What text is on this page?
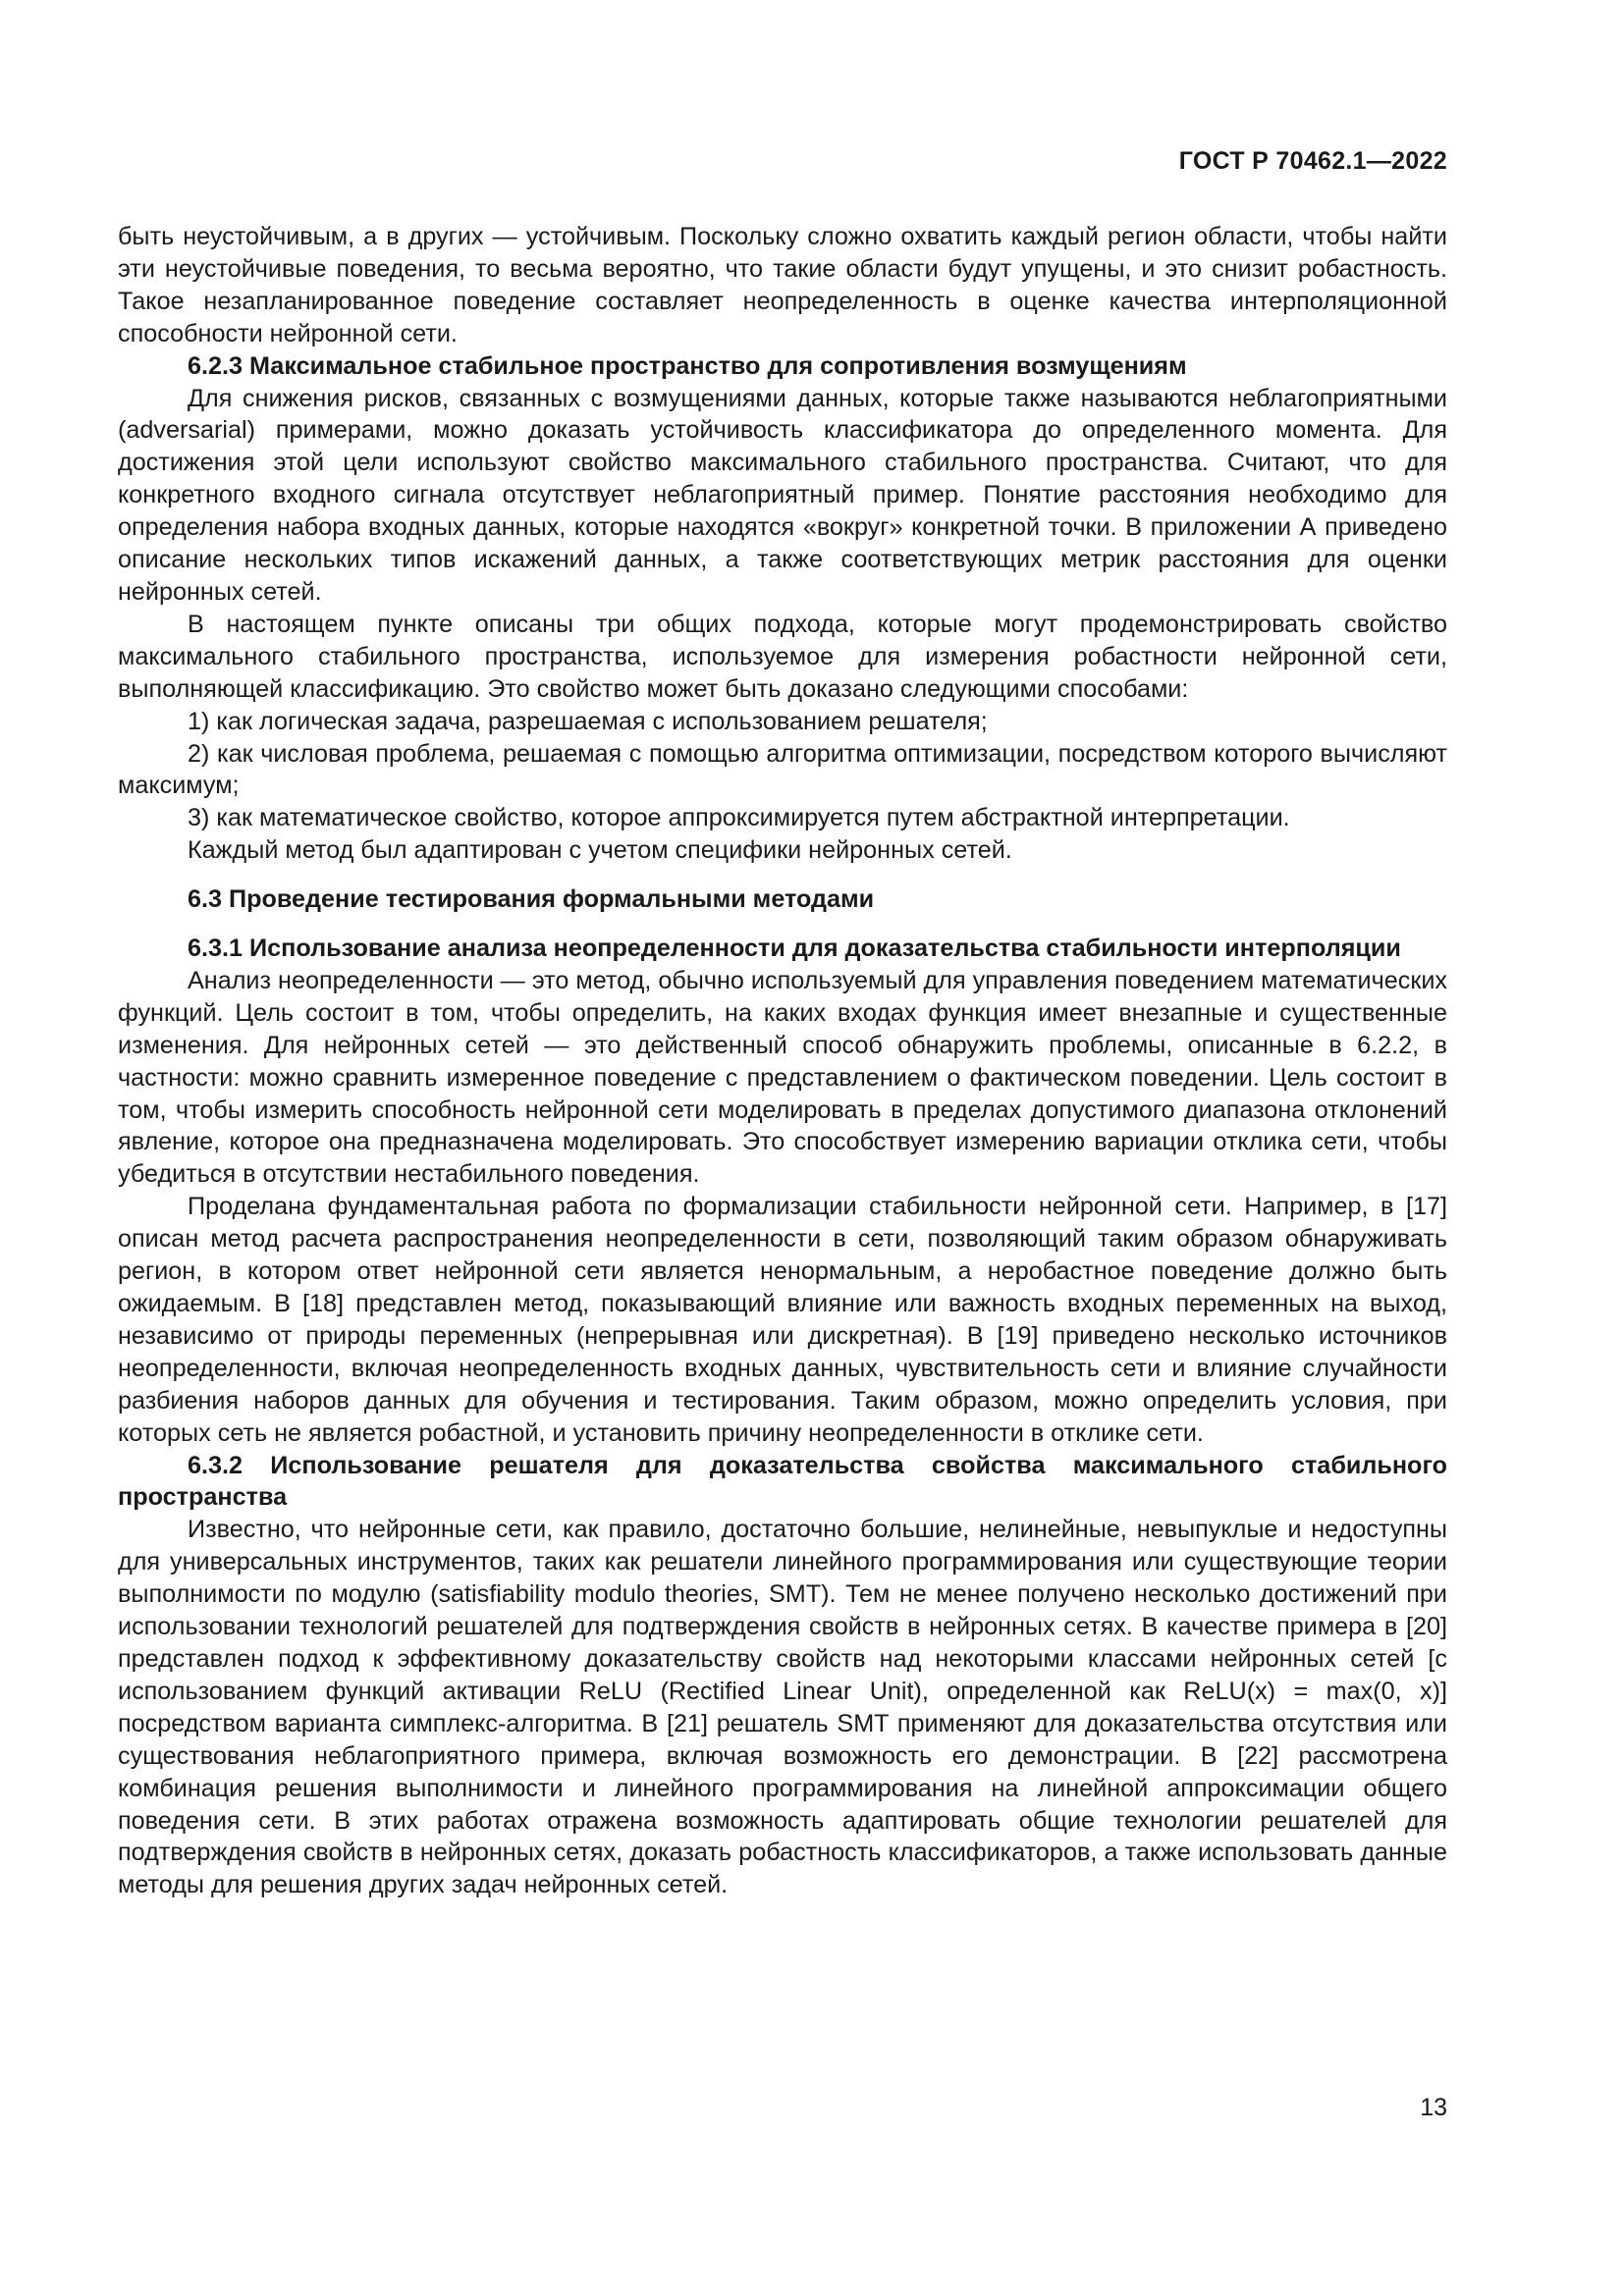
ГОСТ Р 70462.1—2022

быть неустойчивым, а в других — устойчивым. Поскольку сложно охватить каждый регион области, чтобы найти эти неустойчивые поведения, то весьма вероятно, что такие области будут упущены, и это снизит робастность. Такое незапланированное поведение составляет неопределенность в оценке качества интерполяционной способности нейронной сети.

6.2.3 Максимальное стабильное пространство для сопротивления возмущениям

Для снижения рисков, связанных с возмущениями данных, которые также называются неблагоприятными (adversarial) примерами, можно доказать устойчивость классификатора до определенного момента. Для достижения этой цели используют свойство максимального стабильного пространства. Считают, что для конкретного входного сигнала отсутствует неблагоприятный пример. Понятие расстояния необходимо для определения набора входных данных, которые находятся «вокруг» конкретной точки. В приложении А приведено описание нескольких типов искажений данных, а также соответствующих метрик расстояния для оценки нейронных сетей.

В настоящем пункте описаны три общих подхода, которые могут продемонстрировать свойство максимального стабильного пространства, используемое для измерения робастности нейронной сети, выполняющей классификацию. Это свойство может быть доказано следующими способами:

1) как логическая задача, разрешаемая с использованием решателя;

2) как числовая проблема, решаемая с помощью алгоритма оптимизации, посредством которого вычисляют максимум;

3) как математическое свойство, которое аппроксимируется путем абстрактной интерпретации.

Каждый метод был адаптирован с учетом специфики нейронных сетей.

6.3 Проведение тестирования формальными методами

6.3.1 Использование анализа неопределенности для доказательства стабильности интерполяции

Анализ неопределенности — это метод, обычно используемый для управления поведением математических функций. Цель состоит в том, чтобы определить, на каких входах функция имеет внезапные и существенные изменения. Для нейронных сетей — это действенный способ обнаружить проблемы, описанные в 6.2.2, в частности: можно сравнить измеренное поведение с представлением о фактическом поведении. Цель состоит в том, чтобы измерить способность нейронной сети моделировать в пределах допустимого диапазона отклонений явление, которое она предназначена моделировать. Это способствует измерению вариации отклика сети, чтобы убедиться в отсутствии нестабильного поведения.

Проделана фундаментальная работа по формализации стабильности нейронной сети. Например, в [17] описан метод расчета распространения неопределенности в сети, позволяющий таким образом обнаруживать регион, в котором ответ нейронной сети является ненормальным, а неробастное поведение должно быть ожидаемым. В [18] представлен метод, показывающий влияние или важность входных переменных на выход, независимо от природы переменных (непрерывная или дискретная). В [19] приведено несколько источников неопределенности, включая неопределенность входных данных, чувствительность сети и влияние случайности разбиения наборов данных для обучения и тестирования. Таким образом, можно определить условия, при которых сеть не является робастной, и установить причину неопределенности в отклике сети.

6.3.2 Использование решателя для доказательства свойства максимального стабильного пространства

Известно, что нейронные сети, как правило, достаточно большие, нелинейные, невыпуклые и недоступны для универсальных инструментов, таких как решатели линейного программирования или существующие теории выполнимости по модулю (satisfiability modulo theories, SMT). Тем не менее получено несколько достижений при использовании технологий решателей для подтверждения свойств в нейронных сетях. В качестве примера в [20] представлен подход к эффективному доказательству свойств над некоторыми классами нейронных сетей [с использованием функций активации ReLU (Rectified Linear Unit), определенной как ReLU(x) = max(0, x)] посредством варианта симплекс-алгоритма. В [21] решатель SMT применяют для доказательства отсутствия или существования неблагоприятного примера, включая возможность его демонстрации. В [22] рассмотрена комбинация решения выполнимости и линейного программирования на линейной аппроксимации общего поведения сети. В этих работах отражена возможность адаптировать общие технологии решателей для подтверждения свойств в нейронных сетях, доказать робастность классификаторов, а также использовать данные методы для решения других задач нейронных сетей.

13
